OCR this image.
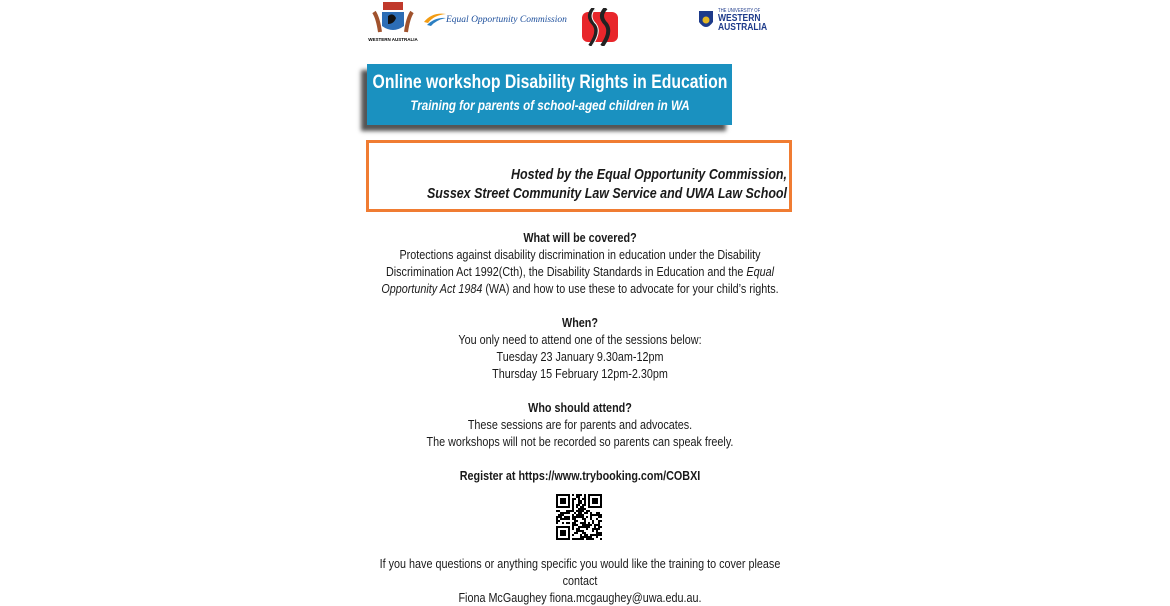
WESTERN AUSTRALIA
Equal Opportunity Commission
THE UNIVERSITY OF
WESTERN
AUSTRALIA
Online workshop Disability Rights in Education
Training for parents of school-aged children in WA
Hosted by the Equal Opportunity Commission,
Sussex Street Community Law Service and UWA Law School

What will be covered?
Protections against disability discrimination in education under the Disability Discrimination Act 1992(Cth), the Disability Standards in Education and the Equal Opportunity Act 1984 (WA) and how to use these to advocate for your child’s rights.

When?
You only need to attend one of the sessions below:
Tuesday 23 January 9.30am-12pm
Thursday 15 February 12pm-2.30pm

Who should attend?
These sessions are for parents and advocates.
The workshops will not be recorded so parents can speak freely.

Register at https://www.trybooking.com/COBXI

If you have questions or anything specific you would like the training to cover please contact
Fiona McGaughey fiona.mcgaughey@uwa.edu.au.
